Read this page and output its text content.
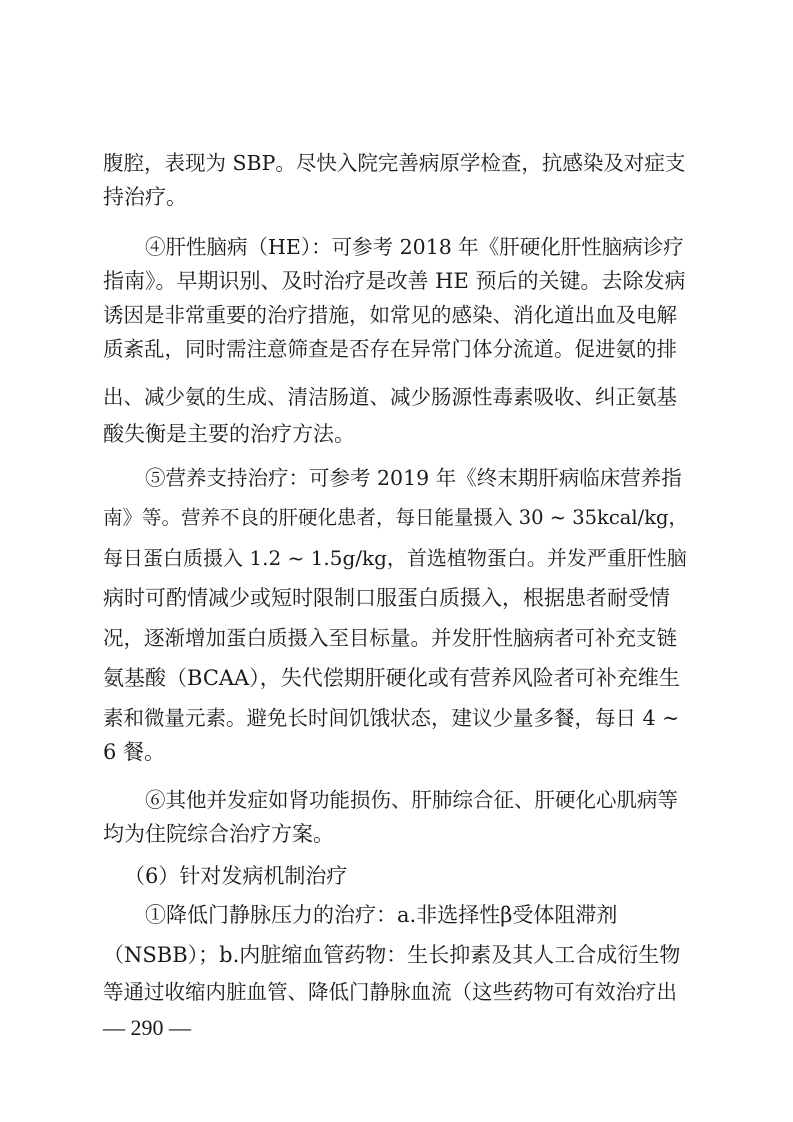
腹腔，表现为 SBP。尽快入院完善病原学检查，抗感染及对症支
持治疗。
④肝性脑病（HE）：可参考 2018 年《肝硬化肝性脑病诊疗
指南》。早期识别、及时治疗是改善 HE 预后的关键。去除发病
诱因是非常重要的治疗措施，如常见的感染、消化道出血及电解
质紊乱，同时需注意筛查是否存在异常门体分流道。促进氨的排
出、减少氨的生成、清洁肠道、减少肠源性毒素吸收、纠正氨基
酸失衡是主要的治疗方法。
⑤营养支持治疗：可参考 2019 年《终末期肝病临床营养指
南》等。营养不良的肝硬化患者，每日能量摄入 30 ~ 35kcal/kg，
每日蛋白质摄入 1.2 ~ 1.5g/kg，首选植物蛋白。并发严重肝性脑
病时可酌情减少或短时限制口服蛋白质摄入，根据患者耐受情
况，逐渐增加蛋白质摄入至目标量。并发肝性脑病者可补充支链
氨基酸（BCAA），失代偿期肝硬化或有营养风险者可补充维生
素和微量元素。避免长时间饥饿状态，建议少量多餐，每日 4 ~
6 餐。
⑥其他并发症如肾功能损伤、肝肺综合征、肝硬化心肌病等
均为住院综合治疗方案。
（6）针对发病机制治疗
①降低门静脉压力的治疗：a.非选择性β受体阻滞剂
（NSBB）；b.内脏缩血管药物：生长抑素及其人工合成衍生物
等通过收缩内脏血管、降低门静脉血流（这些药物可有效治疗出
— 290 —
